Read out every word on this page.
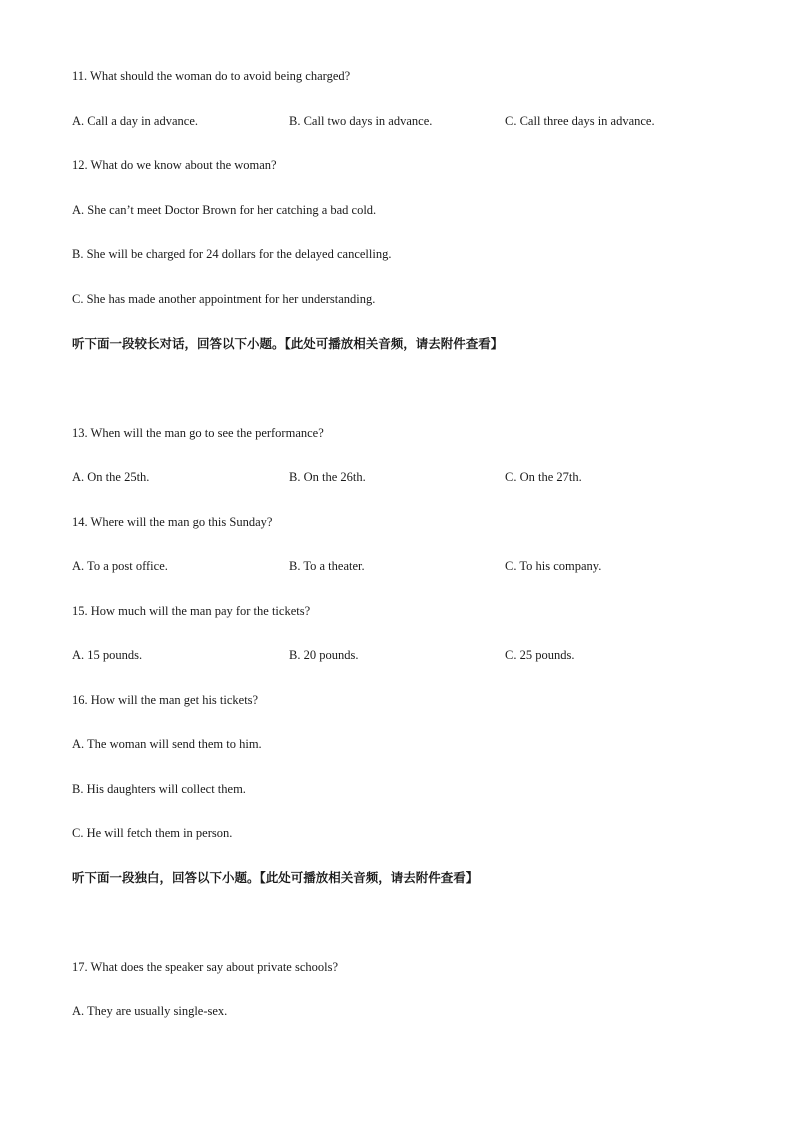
11. What should the woman do to avoid being charged?
A. Call a day in advance.	B. Call two days in advance.	C. Call three days in advance.
12. What do we know about the woman?
A. She can’t meet Doctor Brown for her catching a bad cold.
B. She will be charged for 24 dollars for the delayed cancelling.
C. She has made another appointment for her understanding.
听下面一段较长对话，回答以下小题。【此处可播放相关音频，请去附件查看】
13. When will the man go to see the performance?
A. On the 25th.	B. On the 26th.	C. On the 27th.
14. Where will the man go this Sunday?
A. To a post office.	B. To a theater.	C. To his company.
15. How much will the man pay for the tickets?
A. 15 pounds.	B. 20 pounds.	C. 25 pounds.
16. How will the man get his tickets?
A. The woman will send them to him.
B. His daughters will collect them.
C. He will fetch them in person.
听下面一段独白，回答以下小题。【此处可播放相关音频，请去附件查看】
17. What does the speaker say about private schools?
A. They are usually single-sex.
